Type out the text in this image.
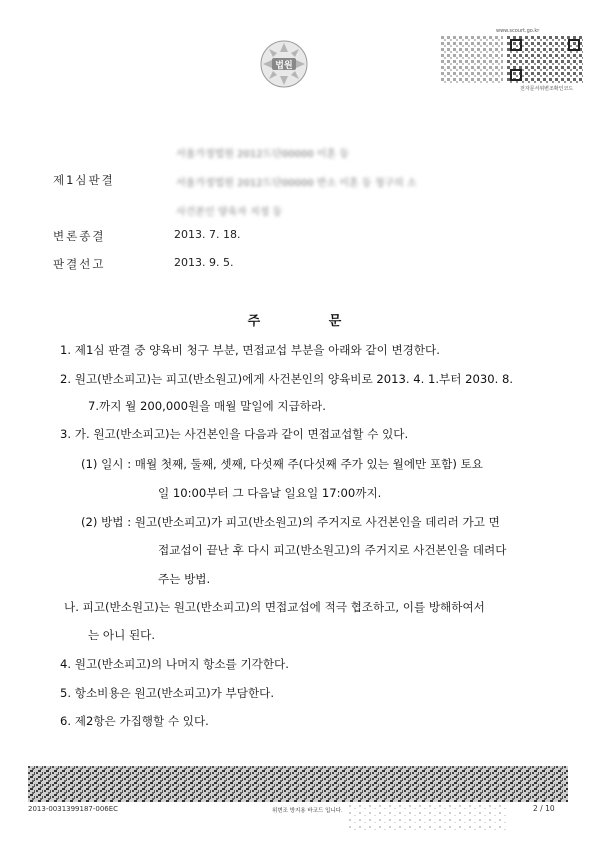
법원
www.scourt.go.kr
전자문서위변조확인코드
제1심판결
서울가정법원 2012드단00000 이혼 등
서울가정법원 2012드단00000 반소 이혼 등 청구의 소
사건본인 양육자 지정 등
변론종결	2013. 7. 18.
판결선고	2013. 9. 5.
주 문
1. 제1심 판결 중 양육비 청구 부분, 면접교섭 부분을 아래와 같이 변경한다.
2. 원고(반소피고)는 피고(반소원고)에게 사건본인의 양육비로 2013. 4. 1.부터 2030. 8.
7.까지 월 200,000원을 매월 말일에 지급하라.
3. 가. 원고(반소피고)는 사건본인을 다음과 같이 면접교섭할 수 있다.
(1) 일시 : 매월 첫째, 둘째, 셋째, 다섯째 주(다섯째 주가 있는 월에만 포함) 토요
일 10:00부터 그 다음날 일요일 17:00까지.
(2) 방법 : 원고(반소피고)가 피고(반소원고)의 주거지로 사건본인을 데리러 가고 면
접교섭이 끝난 후 다시 피고(반소원고)의 주거지로 사건본인을 데려다
주는 방법.
나. 피고(반소원고)는 원고(반소피고)의 면접교섭에 적극 협조하고, 이를 방해하여서
는 아니 된다.
4. 원고(반소피고)의 나머지 항소를 기각한다.
5. 항소비용은 원고(반소피고)가 부담한다.
6. 제2항은 가집행할 수 있다.
2013-0031399187-006EC	위변조 방지용 바코드 입니다.	2 / 10
